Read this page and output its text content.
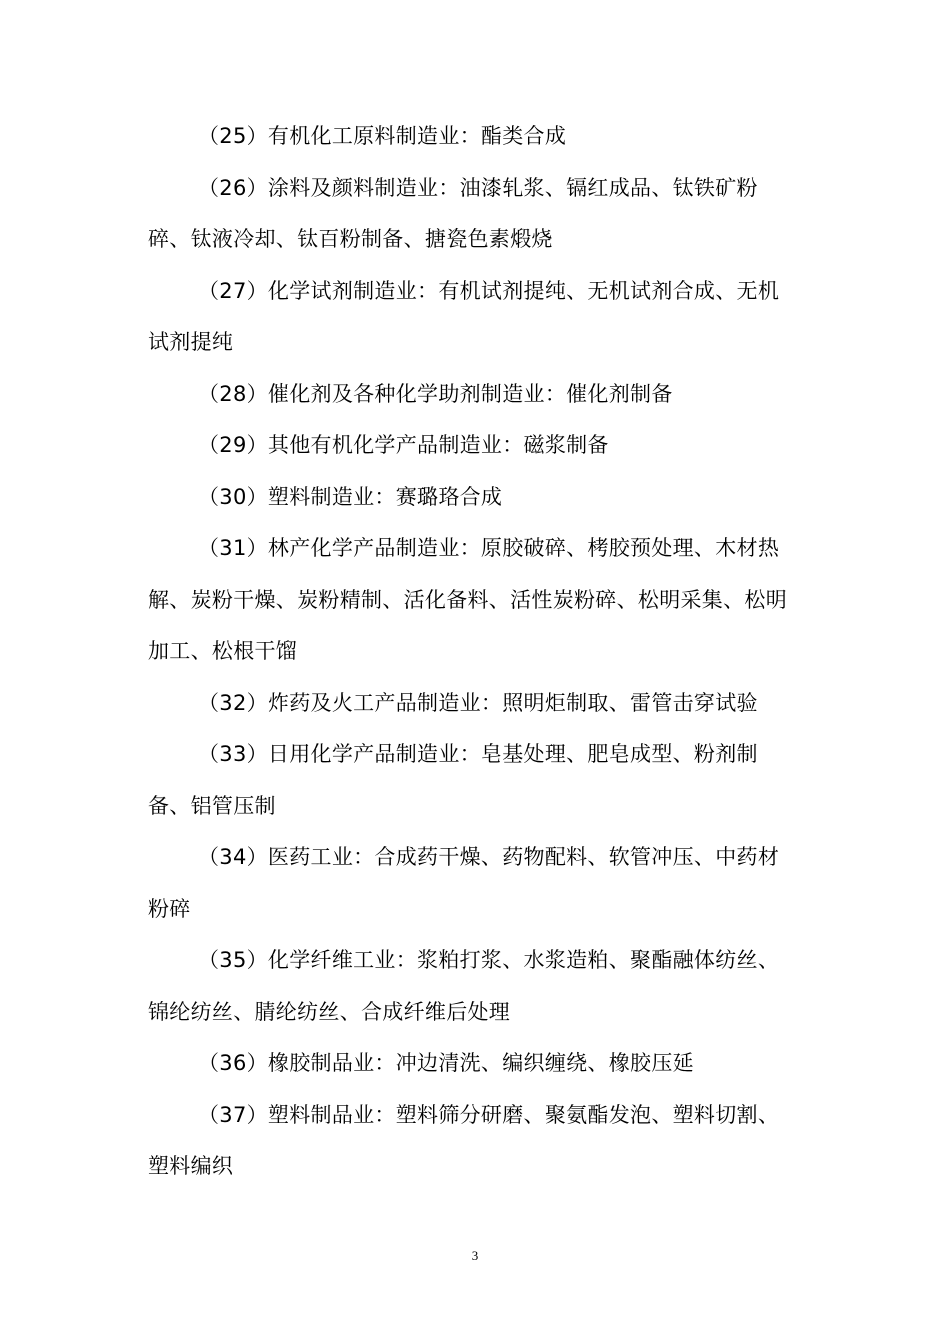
（25）有机化工原料制造业：酯类合成

（26）涂料及颜料制造业：油漆轧浆、镉红成品、钛铁矿粉碎、钛液冷却、钛百粉制备、搪瓷色素煅烧

（27）化学试剂制造业：有机试剂提纯、无机试剂合成、无机试剂提纯

（28）催化剂及各种化学助剂制造业：催化剂制备

（29）其他有机化学产品制造业：磁浆制备

（30）塑料制造业：赛璐珞合成

（31）林产化学产品制造业：原胶破碎、栲胶预处理、木材热解、炭粉干燥、炭粉精制、活化备料、活性炭粉碎、松明采集、松明加工、松根干馏

（32）炸药及火工产品制造业：照明炬制取、雷管击穿试验

（33）日用化学产品制造业：皂基处理、肥皂成型、粉剂制备、铝管压制

（34）医药工业：合成药干燥、药物配料、软管冲压、中药材粉碎

（35）化学纤维工业：浆粕打浆、水浆造粕、聚酯融体纺丝、锦纶纺丝、腈纶纺丝、合成纤维后处理

（36）橡胶制品业：冲边清洗、编织缠绕、橡胶压延

（37）塑料制品业：塑料筛分研磨、聚氨酯发泡、塑料切割、塑料编织

3
